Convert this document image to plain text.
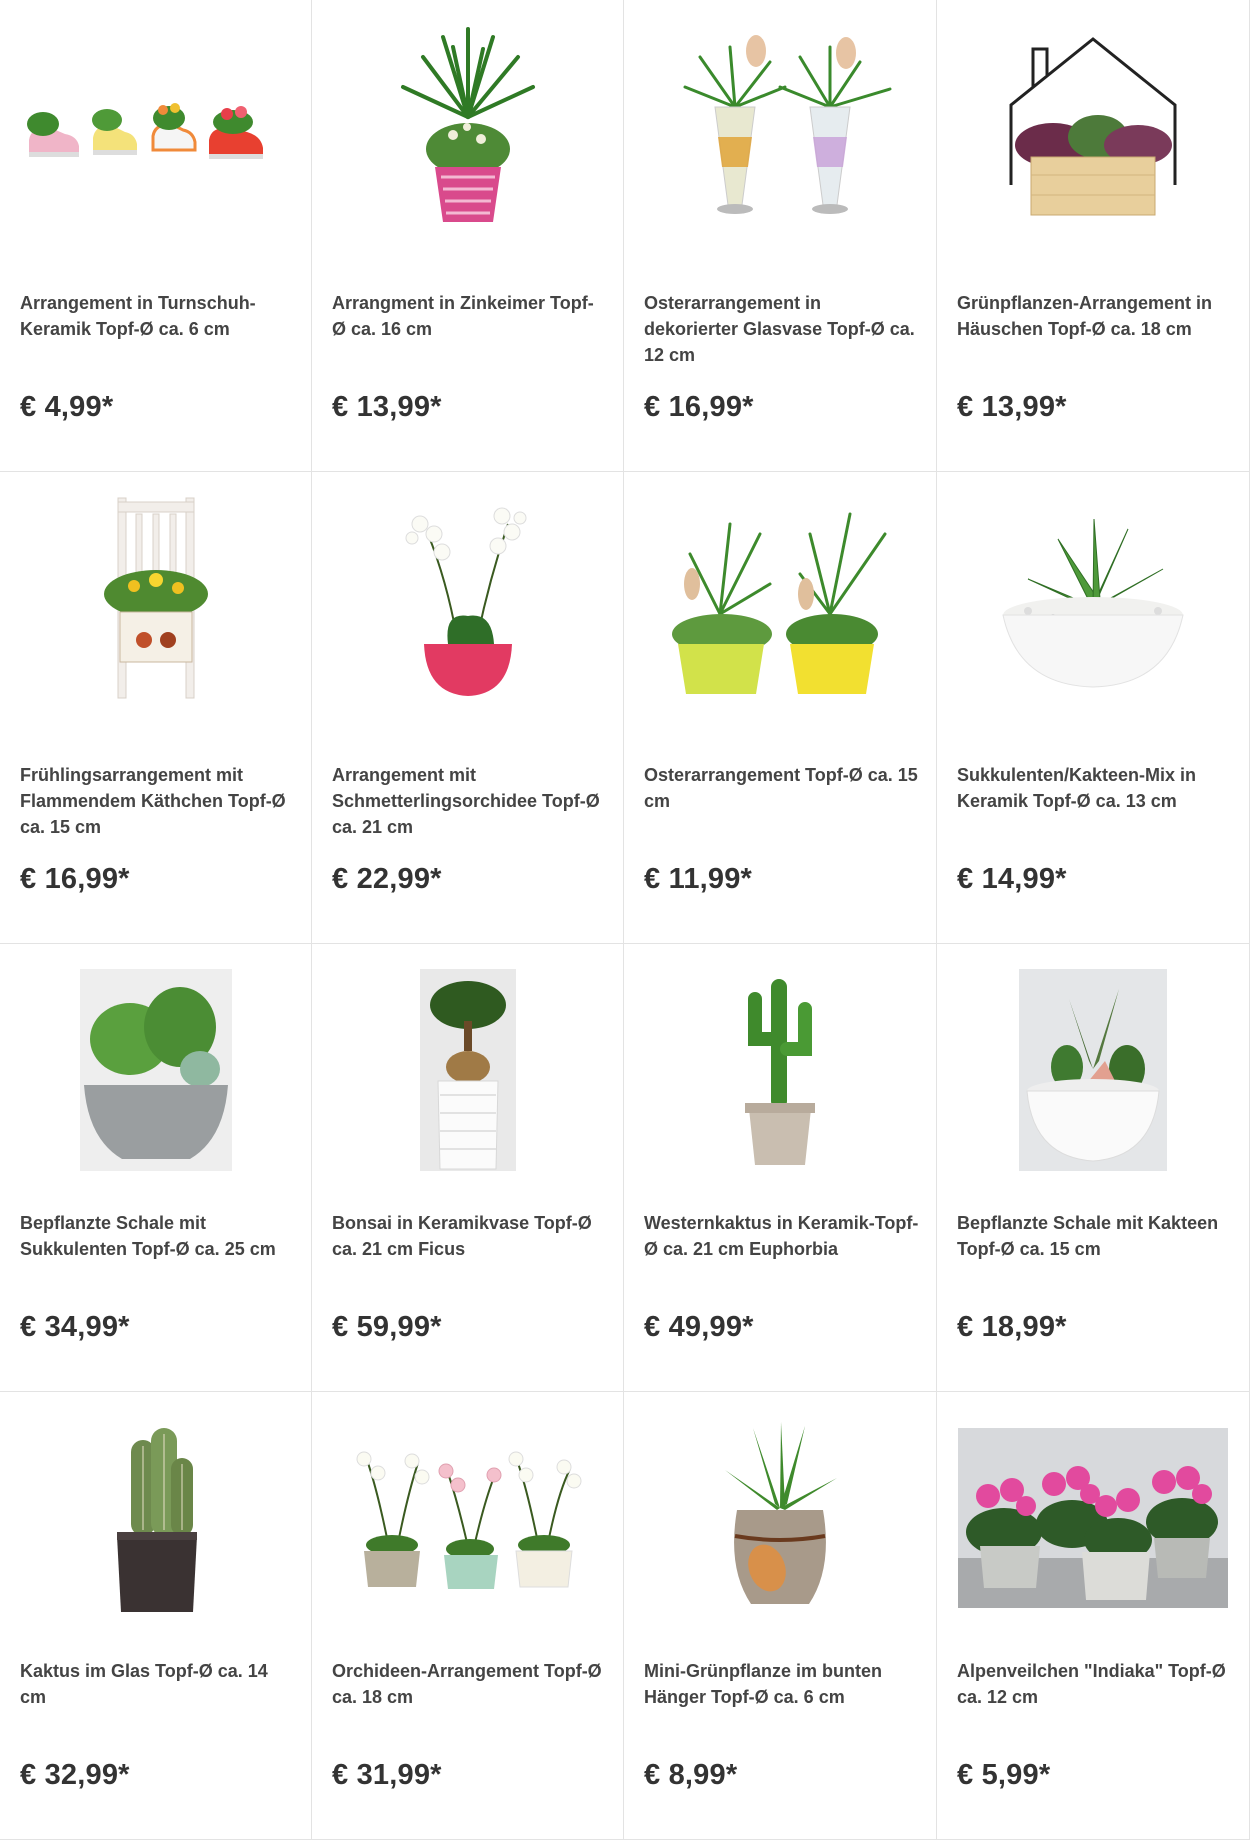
Arrangement in Turnschuh-Keramik Topf-Ø ca. 6 cm
€ 4,99*
Arrangment in Zinkeimer Topf-Ø ca. 16 cm
€ 13,99*
Osterarrangement in dekorierter Glasvase Topf-Ø ca. 12 cm
€ 16,99*
Grünpflanzen-Arrangement in Häuschen Topf-Ø ca. 18 cm
€ 13,99*
Frühlingsarrangement mit Flammendem Käthchen Topf-Ø ca. 15 cm
€ 16,99*
Arrangement mit Schmetterlingsorchidee Topf-Ø ca. 21 cm
€ 22,99*
Osterarrangement Topf-Ø ca. 15 cm
€ 11,99*
Sukkulenten/Kakteen-Mix in Keramik Topf-Ø ca. 13 cm
€ 14,99*
Bepflanzte Schale mit Sukkulenten Topf-Ø ca. 25 cm
€ 34,99*
Bonsai in Keramikvase Topf-Ø ca. 21 cm Ficus
€ 59,99*
Westernkaktus in Keramik-Topf-Ø ca. 21 cm Euphorbia
€ 49,99*
Bepflanzte Schale mit Kakteen Topf-Ø ca. 15 cm
€ 18,99*
Kaktus im Glas Topf-Ø ca. 14 cm
€ 32,99*
Orchideen-Arrangement Topf-Ø ca. 18 cm
€ 31,99*
Mini-Grünpflanze im bunten Hänger Topf-Ø ca. 6 cm
€ 8,99*
Alpenveilchen "Indiaka" Topf-Ø ca. 12 cm
€ 5,99*
